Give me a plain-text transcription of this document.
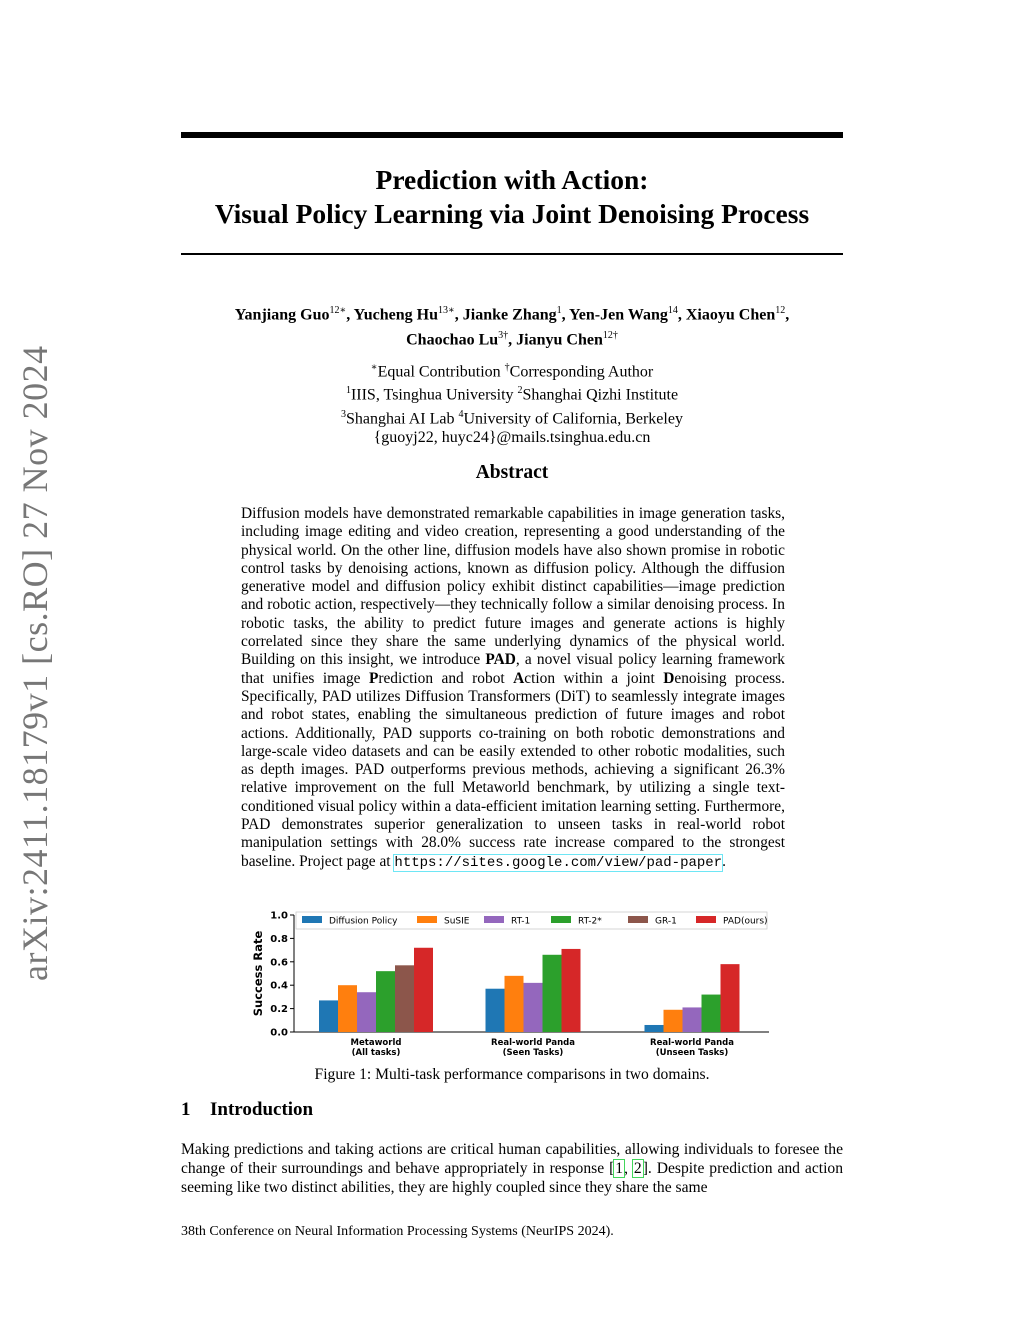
arXiv:2411.18179v1 [cs.RO] 27 Nov 2024
Prediction with Action:
Visual Policy Learning via Joint Denoising Process
Yanjiang Guo$^{12∗}$, Yucheng $Hu^{13∗}$, Jianke Zhang$^1$, Yen-Jen Wang$^{14}$, Xiaoyu Chen$^{12}$,
Chaochao $Lu^{3\dagger}$, Jianyu Chen$^{12\dagger}$
∗Equal Contribution †Corresponding Author
$^1$IIIS, Tsinghua University $^2$Shanghai Qizhi Institute
$^3$Shanghai AI Lab $^4$University of California, Berkeley
{guoyj22, huyc24}@mails.tsinghua.edu.cn
Abstract
Diffusion models have demonstrated remarkable capabilities in image generation tasks, including image editing and video creation, representing a good understanding of the physical world. On the other line, diffusion models have also shown promise in robotic control tasks by denoising actions, known as diffusion policy. Although the diffusion generative model and diffusion policy exhibit distinct capabilities—image prediction and robotic action, respectively—they technically follow a similar denoising process. In robotic tasks, the ability to predict future images and generate actions is highly correlated since they share the same underlying dynamics of the physical world. Building on this insight, we introduce PAD, a novel visual policy learning framework that unifies image Prediction and robot Action within a joint Denoising process. Specifically, PAD utilizes Diffusion Transformers (DiT) to seamlessly integrate images and robot states, enabling the simultaneous prediction of future images and robot actions. Additionally, PAD supports co-training on both robotic demonstrations and large-scale video datasets and can be easily extended to other robotic modalities, such as depth images. PAD outperforms previous methods, achieving a significant 26.3% relative improvement on the full Metaworld benchmark, by utilizing a single text-conditioned visual policy within a data-efficient imitation learning setting. Furthermore, PAD demonstrates superior generalization to unseen tasks in real-world robot manipulation settings with 28.0% success rate increase compared to the strongest baseline. Project page at https://sites.google.com/view/pad-paper.
0.0
0.2
0.4
0.6
0.8
1.0
Success Rate
Metaworld
(All tasks)
Real-world Panda
(Seen Tasks)
Real-world Panda
(Unseen Tasks)
Diffusion Policy	SuSIE	RT-1	RT-2*	GR-1	PAD(ours)
Figure 1: Multi-task performance comparisons in two domains.
1 Introduction
Making predictions and taking actions are critical human capabilities, allowing individuals to foresee the change of their surroundings and behave appropriately in response [1, 2]. Despite prediction and action seeming like two distinct abilities, they are highly coupled since they share the same
38th Conference on Neural Information Processing Systems (NeurIPS 2024).
